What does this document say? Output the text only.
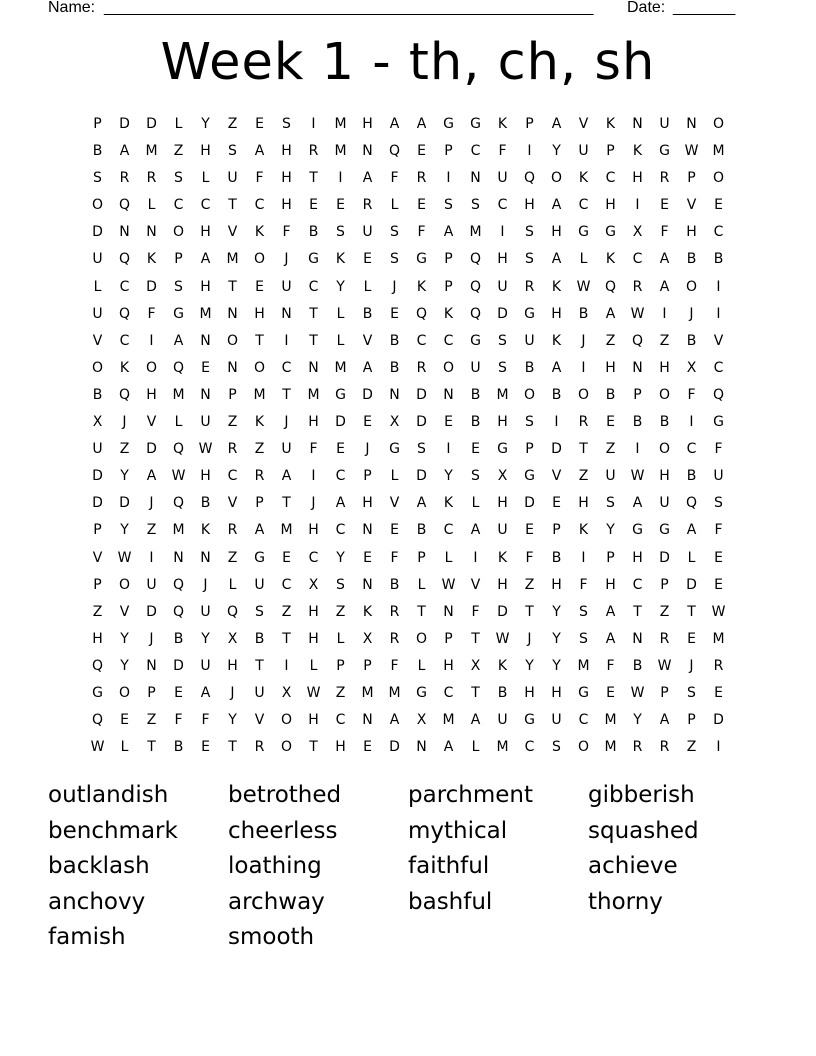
Name: _______________________________________________________ Date: _______
Week 1 - th, ch, sh
P	D	D	L	Y	Z	E	S	I	M	H	A	A	G	G	K	P	A	V	K	N	U	N	O
B	A	M	Z	H	S	A	H	R	M	N	Q	E	P	C	F	I	Y	U	P	K	G	W	M
S	R	R	S	L	U	F	H	T	I	A	F	R	I	N	U	Q	O	K	C	H	R	P	O
O	Q	L	C	C	T	C	H	E	E	R	L	E	S	S	C	H	A	C	H	I	E	V	E
D	N	N	O	H	V	K	F	B	S	U	S	F	A	M	I	S	H	G	G	X	F	H	C
U	Q	K	P	A	M	O	J	G	K	E	S	G	P	Q	H	S	A	L	K	C	A	B	B
L	C	D	S	H	T	E	U	C	Y	L	J	K	P	Q	U	R	K	W	Q	R	A	O	I
U	Q	F	G	M	N	H	N	T	L	B	E	Q	K	Q	D	G	H	B	A	W	I	J	I
V	C	I	A	N	O	T	I	T	L	V	B	C	C	G	S	U	K	J	Z	Q	Z	B	V
O	K	O	Q	E	N	O	C	N	M	A	B	R	O	U	S	B	A	I	H	N	H	X	C
B	Q	H	M	N	P	M	T	M	G	D	N	D	N	B	M	O	B	O	B	P	O	F	Q
X	J	V	L	U	Z	K	J	H	D	E	X	D	E	B	H	S	I	R	E	B	B	I	G
U	Z	D	Q	W	R	Z	U	F	E	J	G	S	I	E	G	P	D	T	Z	I	O	C	F
D	Y	A	W	H	C	R	A	I	C	P	L	D	Y	S	X	G	V	Z	U	W	H	B	U
D	D	J	Q	B	V	P	T	J	A	H	V	A	K	L	H	D	E	H	S	A	U	Q	S
P	Y	Z	M	K	R	A	M	H	C	N	E	B	C	A	U	E	P	K	Y	G	G	A	F
V	W	I	N	N	Z	G	E	C	Y	E	F	P	L	I	K	F	B	I	P	H	D	L	E
P	O	U	Q	J	L	U	C	X	S	N	B	L	W	V	H	Z	H	F	H	C	P	D	E
Z	V	D	Q	U	Q	S	Z	H	Z	K	R	T	N	F	D	T	Y	S	A	T	Z	T	W
H	Y	J	B	Y	X	B	T	H	L	X	R	O	P	T	W	J	Y	S	A	N	R	E	M
Q	Y	N	D	U	H	T	I	L	P	P	F	L	H	X	K	Y	Y	M	F	B	W	J	R
G	O	P	E	A	J	U	X	W	Z	M	M	G	C	T	B	H	H	G	E	W	P	S	E
Q	E	Z	F	F	Y	V	O	H	C	N	A	X	M	A	U	G	U	C	M	Y	A	P	D
W	L	T	B	E	T	R	O	T	H	E	D	N	A	L	M	C	S	O	M	R	R	Z	I
outlandish	betrothed	parchment	gibberish
benchmark	cheerless	mythical	squashed
backlash	loathing	faithful	achieve
anchovy	archway	bashful	thorny
famish	smooth
